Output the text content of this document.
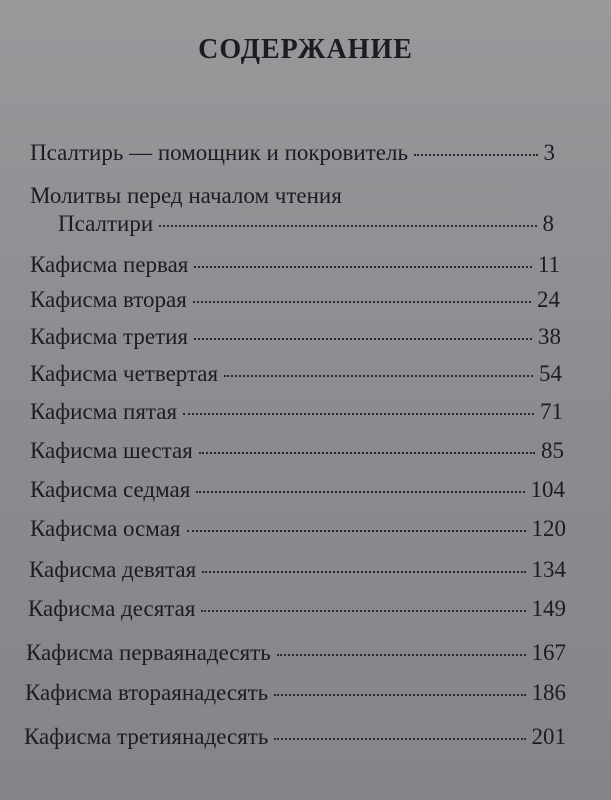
СОДЕРЖАНИЕ
Псалтирь — помощник и покровитель	3
Молитвы перед началом чтения
Псалтири	8
Кафисма первая	11
Кафисма вторая	24
Кафисма третия	38
Кафисма четвертая	54
Кафисма пятая	71
Кафисма шестая	85
Кафисма седмая	104
Кафисма осмая	120
Кафисма девятая	134
Кафисма десятая	149
Кафисма перваянадесять	167
Кафисма втораянадесять	186
Кафисма третиянадесять	201
